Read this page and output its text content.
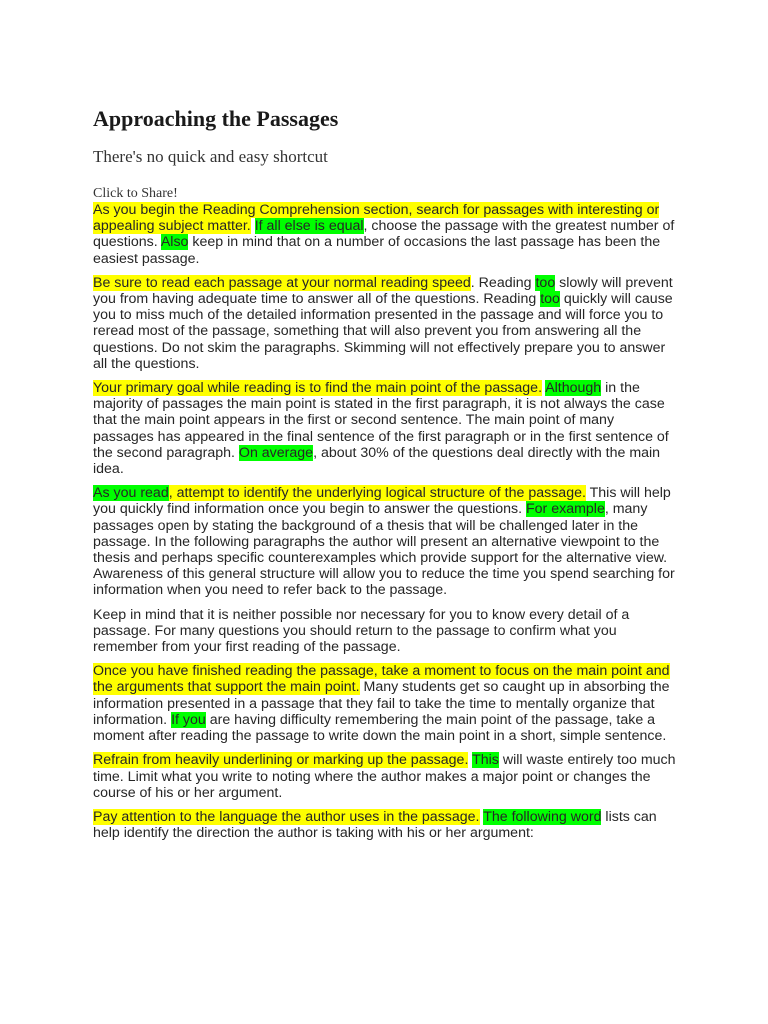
Approaching the Passages
There's no quick and easy shortcut
Click to Share!

As you begin the Reading Comprehension section, search for passages with interesting or appealing subject matter. If all else is equal, choose the passage with the greatest number of questions. Also keep in mind that on a number of occasions the last passage has been the easiest passage.

Be sure to read each passage at your normal reading speed. Reading too slowly will prevent you from having adequate time to answer all of the questions. Reading too quickly will cause you to miss much of the detailed information presented in the passage and will force you to reread most of the passage, something that will also prevent you from answering all the questions. Do not skim the paragraphs. Skimming will not effectively prepare you to answer all the questions.

Your primary goal while reading is to find the main point of the passage. Although in the majority of passages the main point is stated in the first paragraph, it is not always the case that the main point appears in the first or second sentence. The main point of many passages has appeared in the final sentence of the first paragraph or in the first sentence of the second paragraph. On average, about 30% of the questions deal directly with the main idea.

As you read, attempt to identify the underlying logical structure of the passage. This will help you quickly find information once you begin to answer the questions. For example, many passages open by stating the background of a thesis that will be challenged later in the passage. In the following paragraphs the author will present an alternative viewpoint to the thesis and perhaps specific counterexamples which provide support for the alternative view. Awareness of this general structure will allow you to reduce the time you spend searching for information when you need to refer back to the passage.

Keep in mind that it is neither possible nor necessary for you to know every detail of a passage. For many questions you should return to the passage to confirm what you remember from your first reading of the passage.

Once you have finished reading the passage, take a moment to focus on the main point and the arguments that support the main point. Many students get so caught up in absorbing the information presented in a passage that they fail to take the time to mentally organize that information. If you are having difficulty remembering the main point of the passage, take a moment after reading the passage to write down the main point in a short, simple sentence.

Refrain from heavily underlining or marking up the passage. This will waste entirely too much time. Limit what you write to noting where the author makes a major point or changes the course of his or her argument.

Pay attention to the language the author uses in the passage. The following word lists can help identify the direction the author is taking with his or her argument:
